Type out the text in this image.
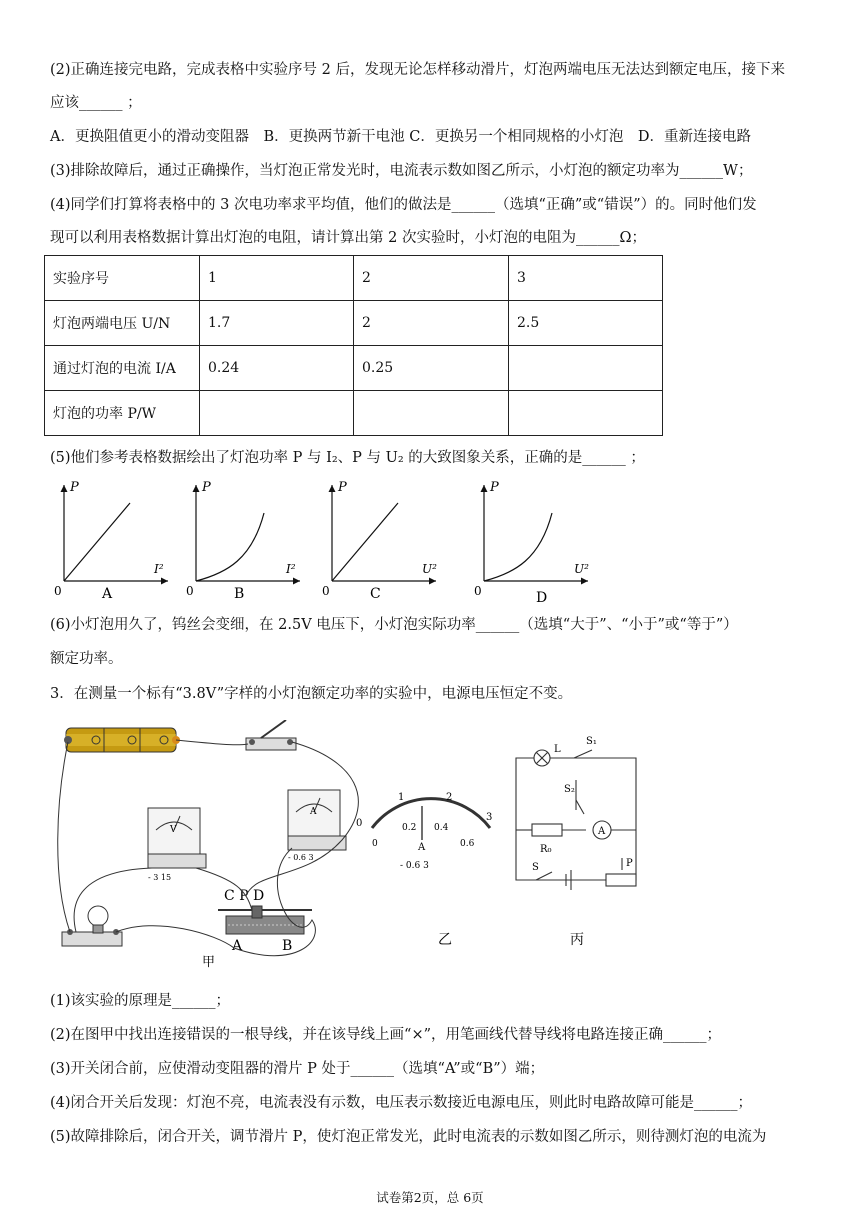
(2)正确连接完电路，完成表格中实验序号 2 后，发现无论怎样移动滑片，灯泡两端电压无法达到额定电压，接下来
应该______ ；
A．更换阻值更小的滑动变阻器　B．更换两节新干电池 C．更换另一个相同规格的小灯泡　D．重新连接电路
(3)排除故障后，通过正确操作，当灯泡正常发光时，电流表示数如图乙所示，小灯泡的额定功率为______W；
(4)同学们打算将表格中的 3 次电功率求平均值，他们的做法是______（选填“正确”或“错误”）的。同时他们发
现可以利用表格数据计算出灯泡的电阻，请计算出第 2 次实验时，小灯泡的电阻为______Ω；
实验序号	1	2	3
灯泡两端电压 U/N	1.7	2	2.5
通过灯泡的电流 I/A	0.24	0.25	
灯泡的功率 P/W			
(5)他们参考表格数据绘出了灯泡功率 P 与 I₂、P 与 U₂ 的大致图象关系，正确的是______ ；
P
I²
0	A
P
I²
0	B
P
U²
0	C
P
U²
0	D
(6)小灯泡用久了，钨丝会变细，在 2.5V 电压下，小灯泡实际功率______（选填“大于”、“小于”或“等于”）
额定功率。
3．在测量一个标有“3.8V”字样的小灯泡额定功率的实验中，电源电压恒定不变。
V
- 3 15
A
- 0.6 3
C P D
A	B
甲
0
1	2
3
0
0.2 0.4
0.6
A
- 0.6 3
乙
L
S₁
S₂
R₀
A
S	P
丙
(1)该实验的原理是______；
(2)在图甲中找出连接错误的一根导线，并在该导线上画“×”，用笔画线代替导线将电路连接正确______；
(3)开关闭合前，应使滑动变阻器的滑片 P 处于______（选填“A”或“B”）端；
(4)闭合开关后发现：灯泡不亮，电流表没有示数，电压表示数接近电源电压，则此时电路故障可能是______；
(5)故障排除后，闭合开关，调节滑片 P，使灯泡正常发光，此时电流表的示数如图乙所示，则待测灯泡的电流为
试卷第2页，总 6页
